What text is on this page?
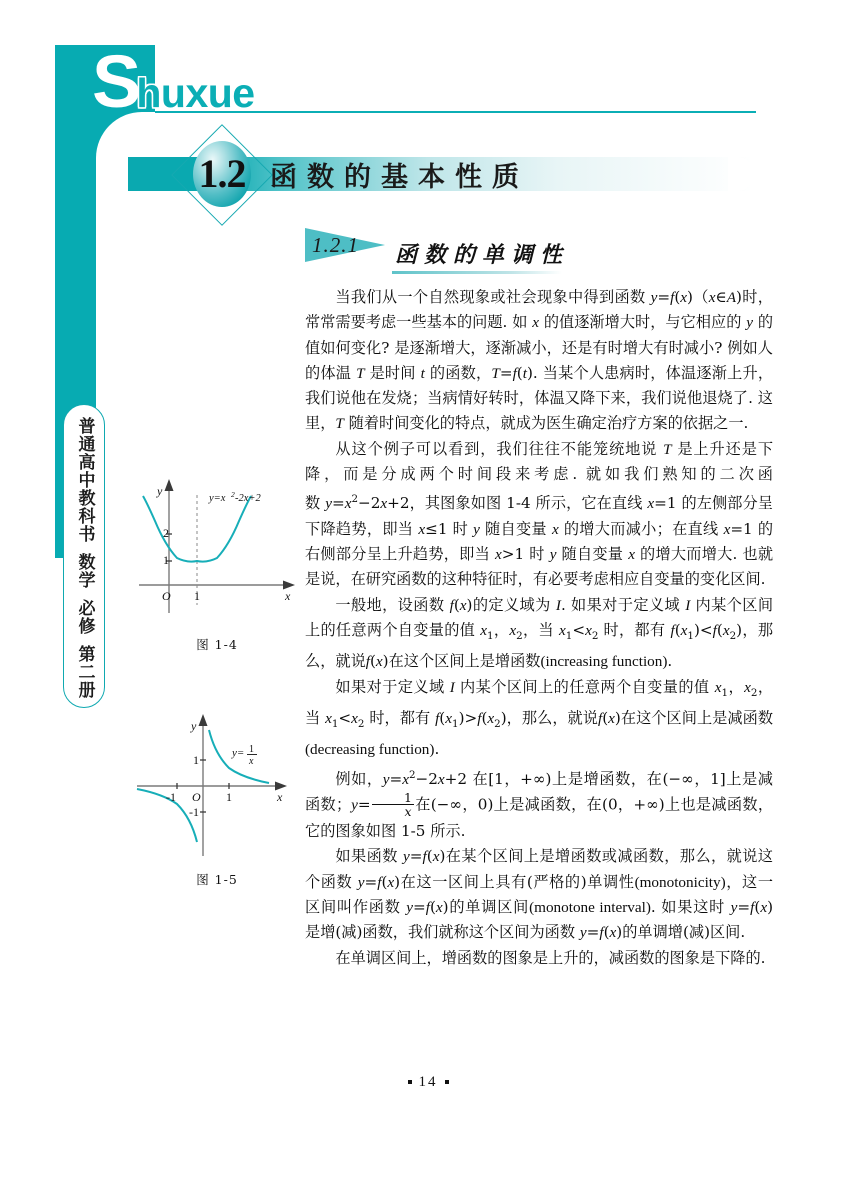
S
huxue
1.2 函数的基本性质
1.2.1 函数的单调性
普通高中教科书
数学
必修
第二册
2
1
O 1	x
y
y=x 2 -2x+2
图 1-4
1
-1
-1	1
O	x
y
y= 1
x
图 1-5

当我们从一个自然现象或社会现象中得到函数 y=f(x)（x∈A)时，常常需要考虑一些基本的问题. 如 x 的值逐渐增大时，与它相应的 y 的值如何变化? 是逐渐增大，逐渐减小，还是有时增大有时减小? 例如人的体温 T 是时间 t 的函数，T=f(t). 当某个人患病时，体温逐渐上升，我们说他在发烧；当病情好转时，体温又降下来，我们说他退烧了. 这里，T 随着时间变化的特点，就成为医生确定治疗方案的依据之一.

从这个例子可以看到，我们往往不能笼统地说 T 是上升还是下降，而是分成两个时间段来考虑. 就如我们熟知的二次函数 $y=x^2-2x+2$，其图象如图 1-4 所示，它在直线 x=1 的左侧部分呈下降趋势，即当 x≤1 时 y 随自变量 x 的增大而减小；在直线 x=1 的右侧部分呈上升趋势，即当 x>1 时 y 随自变量 x 的增大而增大. 也就是说，在研究函数的这种特征时，有必要考虑相应自变量的变化区间.

一般地，设函数 f(x)的定义域为 I. 如果对于定义域 I 内某个区间上的任意两个自变量的值 $x_1$，$x_2$，当 $x_1<x_2$ 时，都有 $f(x_1)<f(x_2)$，那么，就说f(x)在这个区间上是增函数(increasing function).

如果对于定义域 I 内某个区间上的任意两个自变量的值 $x_1$，$x_2$，当 $x_1<x_2$ 时，都有 $f(x_1)>f(x_2)$，那么，就说f(x)在这个区间上是减函数(decreasing function).

例如，$y=x^2-2x+2$ 在[1，+∞)上是增函数，在(−∞，1]上是减函数；$y= \frac{1}{x}$ 在(−∞，0)上是减函数，在(0，+∞)上也是减函数，它的图象如图 1-5 所示.

如果函数 y=f(x)在某个区间上是增函数或减函数，那么，就说这个函数 y=f(x)在这一区间上具有(严格的)单调性(monotonicity)，这一区间叫作函数 y=f(x)的单调区间(monotone interval). 如果这时 y=f(x)是增(减)函数，我们就称这个区间为函数 y=f(x)的单调增(减)区间.

在单调区间上，增函数的图象是上升的，减函数的图象是下降的.

14
